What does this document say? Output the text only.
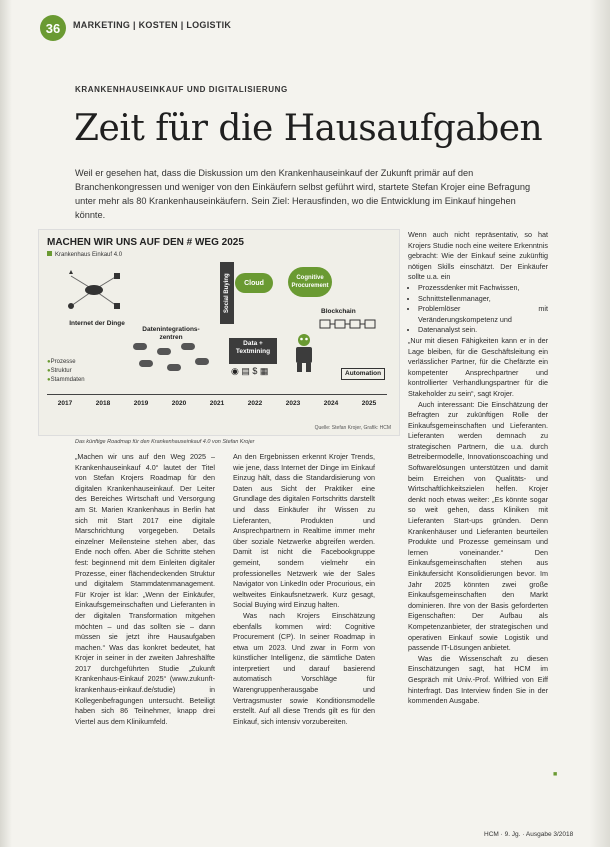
36	MARKETING | KOSTEN | LOGISTIK
KRANKENHAUSEINKAUF UND DIGITALISIERUNG
Zeit für die Hausaufgaben
Weil er gesehen hat, dass die Diskussion um den Krankenhauseinkauf der Zukunft primär auf den Branchenkongressen und weniger von den Einkäufern selbst geführt wird, startete Stefan Krojer eine Befragung unter mehr als 80 Krankenhauseinkäufern. Sein Ziel: Herausfinden, wo die Entwicklung im Einkauf hingehen könnte.
MACHEN WIR UNS AUF DEN # WEG 2025
Krankenhaus Einkauf 4.0
Internet der Dinge
● Prozesse
● Struktur
● Stammdaten
Datenintegrations-zentren
Social Buying	Cloud
Cognitive Procurement
Blockchain
Data + Textmining
◉ ▤ $ ▦	Automation
2017	2018	2019	2020	2021	2022	2023	2024	2025
Quelle: Stefan Krojer, Grafik: HCM
Das künftige Roadmap für den Krankenhauseinkauf 4.0 von Stefan Krojer

Wenn auch nicht repräsentativ, so hat Krojers Studie noch eine weitere Erkenntnis gebracht: Wie der Einkauf seine zukünftig nötigen Skills einschätzt. Der Einkäufer sollte u.a. ein

• Prozessdenker mit Fachwissen,
• Schnittstellenmanager,
• Problemlöser mit Veränderungskompetenz und
• Datenanalyst sein.

„Nur mit diesen Fähigkeiten kann er in der Lage bleiben, für die Geschäftsleitung ein verlässlicher Partner, für die Chefärzte ein kompetenter Ansprechpartner und kontrollierter Verhandlungspartner für die Stakeholder zu sein“, sagt Krojer.

Auch interessant: Die Einschätzung der Befragten zur zukünftigen Rolle der Einkaufsgemeinschaften und Lieferanten. Lieferanten werden demnach zu strategischen Partnern, die u.a. durch Betreibermodelle, Innovationscoaching und Softwarelösungen unterstützen und damit beim Erreichen von Qualitäts- und Wirtschaftlichkeitszielen helfen. Krojer denkt noch etwas weiter: „Es könnte sogar so weit gehen, dass Kliniken mit Lieferanten Start-ups gründen. Denn Krankenhäuser und Lieferanten beurteilen Produkte und Prozesse gemeinsam und lernen voneinander.“ Den Einkaufsgemeinschaften stehen aus Einkäufersicht Konsolidierungen bevor. Im Jahr 2025 könnten zwei große Einkaufsgemeinschaften den Markt dominieren. Ihre von der Basis geforderten Eigenschaften: Der Aufbau als Kompetenzanbieter, der strategischen und operativen Einkauf sowie Logistik und passende IT-Lösungen anbietet.

Was die Wissenschaft zu diesen Einschätzungen sagt, hat HCM im Gespräch mit Univ.-Prof. Wilfried von Eiff hinterfragt. Das Interview finden Sie in der kommenden Ausgabe.

„Machen wir uns auf den Weg 2025 – Krankenhauseinkauf 4.0“ lautet der Titel von Stefan Krojers Roadmap für den digitalen Krankenhauseinkauf. Der Leiter des Bereiches Wirtschaft und Versorgung am St. Marien Krankenhaus in Berlin hat sich mit Start 2017 eine digitale Marschrichtung vorgegeben. Details einzelner Meilensteine stehen aber, das Ende noch offen. Aber die Schritte stehen fest: beginnend mit dem Einleiten digitaler Prozesse, einer flächendeckenden Struktur und digitalem Stammdatenmanagement. Für Krojer ist klar: „Wenn der Einkäufer, Einkaufsgemeinschaften und Lieferanten in der digitalen Transformation mitgehen möchten – und das sollten sie – dann müssen sie jetzt ihre Hausaufgaben machen.“ Was das konkret bedeutet, hat Krojer in seiner in der zweiten Jahreshälfte 2017 durchgeführten Studie „Zukunft Krankenhaus-Einkauf 2025“ (www.zukunft-krankenhaus-einkauf.de/studie) in Kollegenbefragungen untersucht. Beteiligt haben sich 86 Teilnehmer, knapp drei Viertel aus dem Klinikumfeld.

An den Ergebnissen erkennt Krojer Trends, wie jene, dass Internet der Dinge im Einkauf Einzug hält, dass die Standardisierung von Daten aus Sicht der Praktiker eine Grundlage des digitalen Fortschritts darstellt und dass Einkäufer ihr Wissen zu Lieferanten, Produkten und Ansprechpartnern in Realtime immer mehr über soziale Netzwerke abgreifen werden. Damit ist nicht die Facebookgruppe gemeint, sondern vielmehr ein professionelles Netzwerk wie der Sales Navigator von LinkedIn oder Procurious, ein weltweites Einkaufsnetzwerk. Kurz gesagt, Social Buying wird Einzug halten.

Was nach Krojers Einschätzung ebenfalls kommen wird: Cognitive Procurement (CP). In seiner Roadmap in etwa um 2023. Und zwar in Form von künstlicher Intelligenz, die sämtliche Daten interpretiert und darauf basierend automatisch Vorschläge für Warengruppenherausgabe und Vertragsmuster sowie Konditionsmodelle erstellt. Auf all diese Trends gilt es für den Einkauf, sich intensiv vorzubereiten.

■
HCM · 9. Jg. · Ausgabe 3/2018
